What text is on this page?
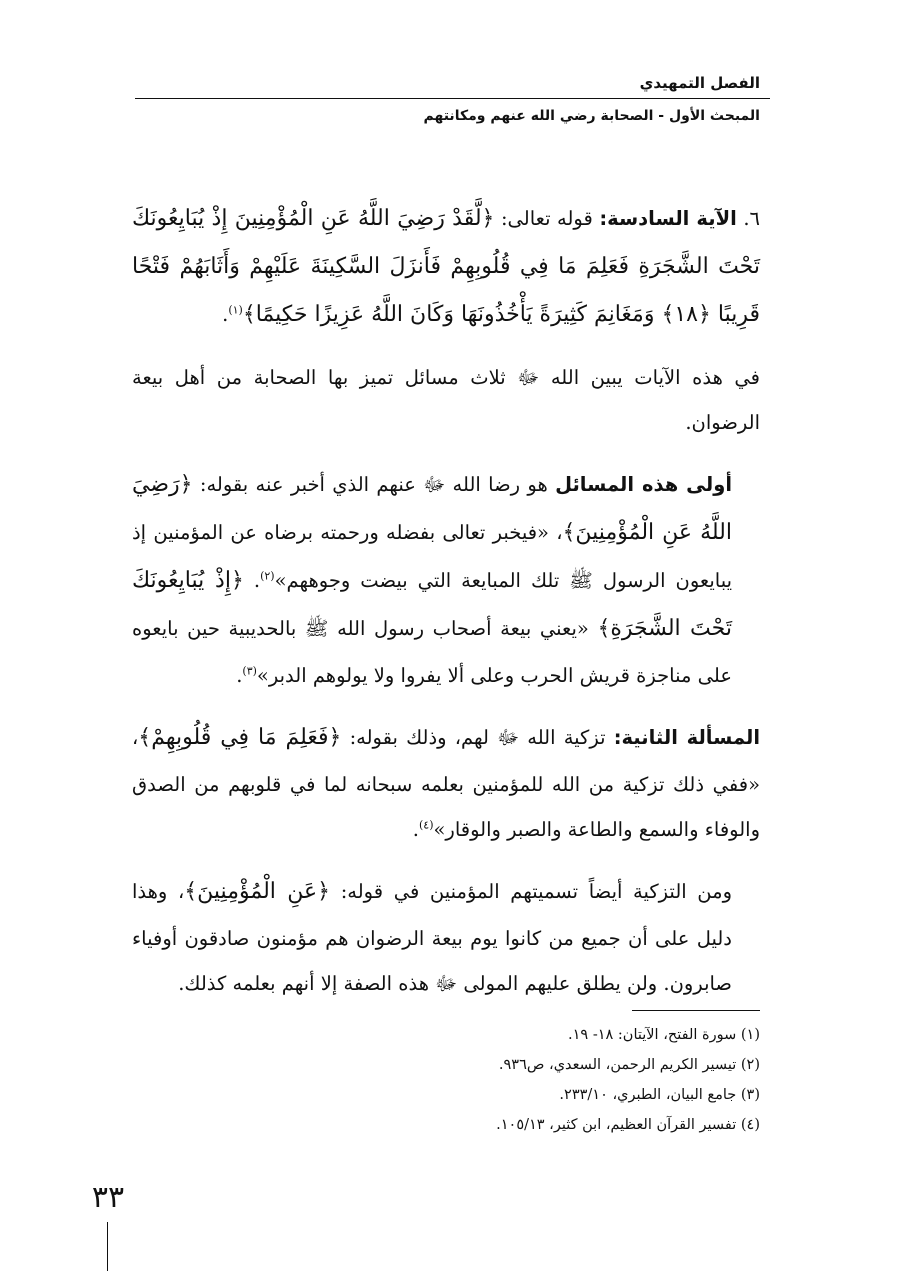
الفصل التمهيدي
المبحث الأول - الصحابة رضي الله عنهم ومكانتهم

٦. الآية السادسة: قوله تعالى: ﴿لَّقَدْ رَضِيَ اللَّهُ عَنِ الْمُؤْمِنِينَ إِذْ يُبَايِعُونَكَ تَحْتَ الشَّجَرَةِ فَعَلِمَ مَا فِي قُلُوبِهِمْ فَأَنزَلَ السَّكِينَةَ عَلَيْهِمْ وَأَثَابَهُمْ فَتْحًا قَرِيبًا ﴿١٨﴾ وَمَغَانِمَ كَثِيرَةً يَأْخُذُونَهَا وَكَانَ اللَّهُ عَزِيزًا حَكِيمًا﴾$^{(١)}$.

في هذه الآيات يبين الله ﷻ ثلاث مسائل تميز بها الصحابة من أهل بيعة الرضوان.

أولى هذه المسائل هو رضا الله ﷻ عنهم الذي أخبر عنه بقوله: ﴿رَضِيَ اللَّهُ عَنِ الْمُؤْمِنِينَ﴾، «فيخبر تعالى بفضله ورحمته برضاه عن المؤمنين إذ يبايعون الرسول ﷺ تلك المبايعة التي بيضت وجوههم»$^{(٢)}$. ﴿إِذْ يُبَايِعُونَكَ تَحْتَ الشَّجَرَةِ﴾ «يعني بيعة أصحاب رسول الله ﷺ بالحديبية حين بايعوه على مناجزة قريش الحرب وعلى ألا يفروا ولا يولوهم الدبر»$^{(٣)}$.

المسألة الثانية: تزكية الله ﷻ لهم، وذلك بقوله: ﴿فَعَلِمَ مَا فِي قُلُوبِهِمْ﴾، «ففي ذلك تزكية من الله للمؤمنين بعلمه سبحانه لما في قلوبهم من الصدق والوفاء والسمع والطاعة والصبر والوقار»$^{(٤)}$.

ومن التزكية أيضاً تسميتهم المؤمنين في قوله: ﴿عَنِ الْمُؤْمِنِينَ﴾، وهذا دليل على أن جميع من كانوا يوم بيعة الرضوان هم مؤمنون صادقون أوفياء صابرون. ولن يطلق عليهم المولى ﷻ هذه الصفة إلا أنهم بعلمه كذلك.

(١) سورة الفتح، الآيتان: ١٨- ١٩.

(٢) تيسير الكريم الرحمن، السعدي، ص٩٣٦.

(٣) جامع البيان، الطبري، ٢٣٣/١٠.

(٤) تفسير القرآن العظيم، ابن كثير، ١٠٥/١٣.

٣٣
